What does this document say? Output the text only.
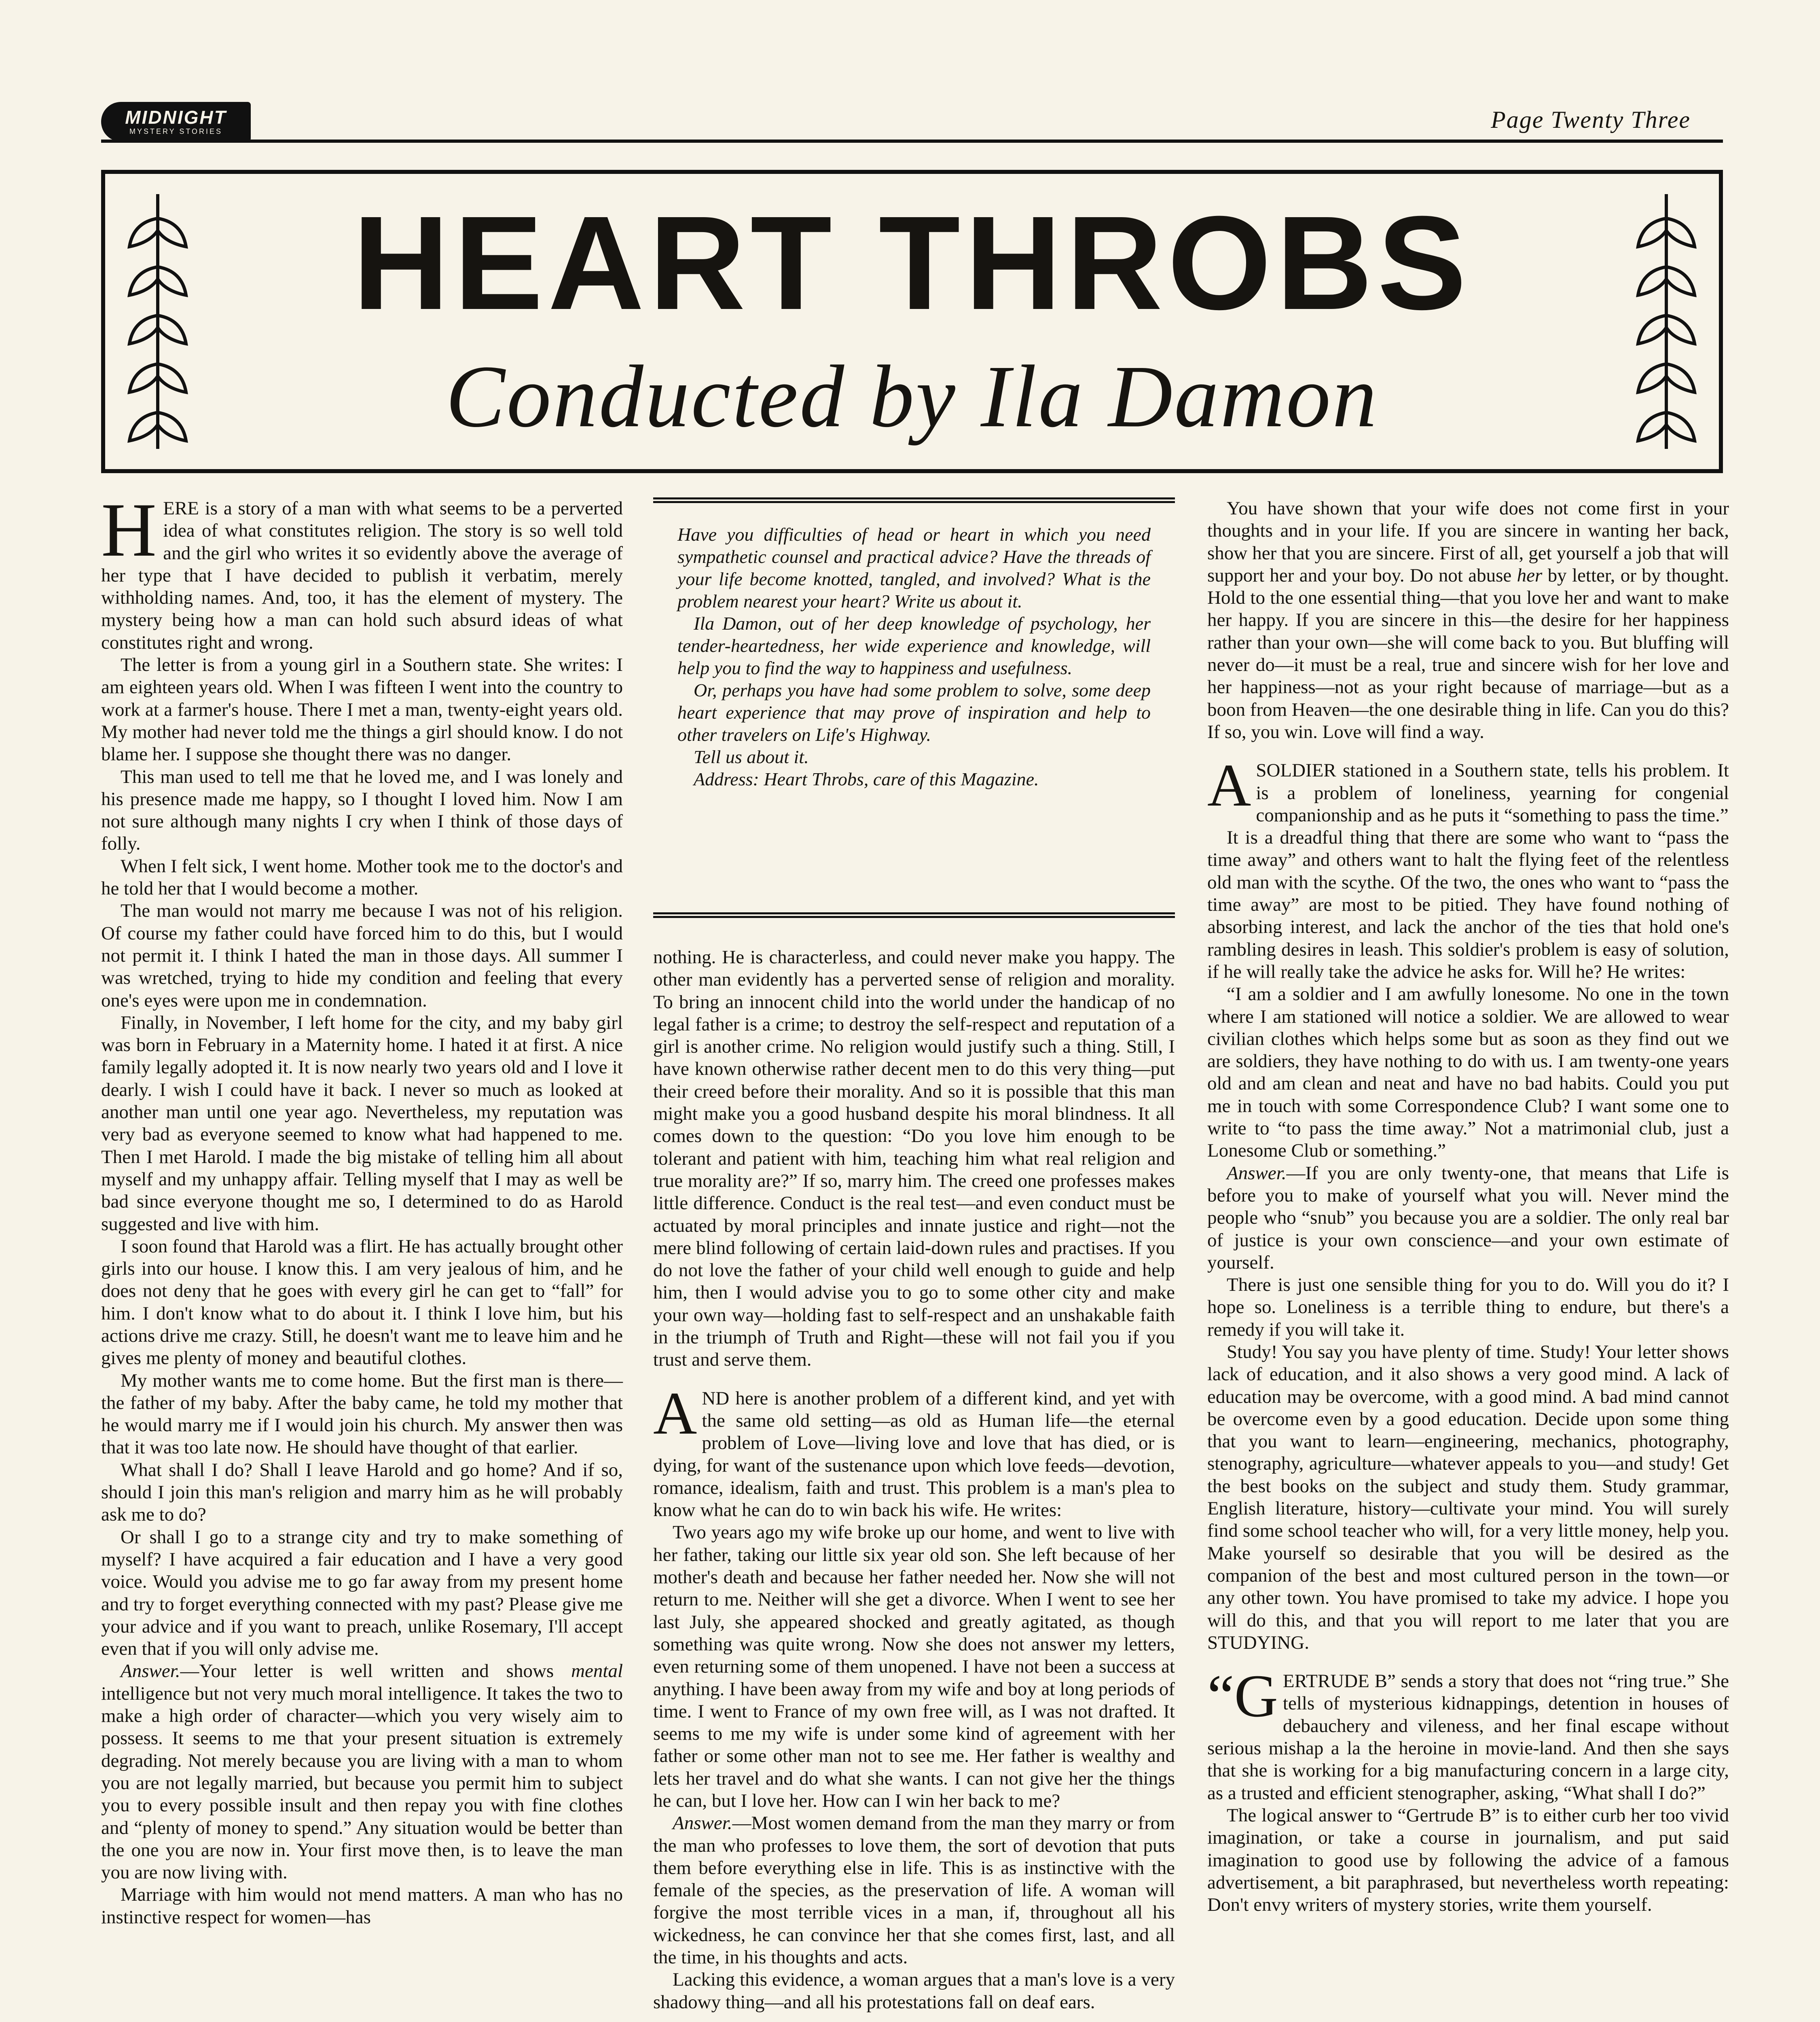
MIDNIGHT
MYSTERY STORIES	Page Twenty Three
HEART THROBS
Conducted by Ila Damon

HERE is a story of a man with what seems to be a perverted idea of what constitutes religion. The story is so well told and the girl who writes it so evidently above the average of her type that I have decided to publish it verbatim, merely withholding names. And, too, it has the element of mystery. The mystery being how a man can hold such absurd ideas of what constitutes right and wrong.

The letter is from a young girl in a Southern state. She writes: I am eighteen years old. When I was fifteen I went into the country to work at a farmer's house. There I met a man, twenty-eight years old. My mother had never told me the things a girl should know. I do not blame her. I suppose she thought there was no danger.

This man used to tell me that he loved me, and I was lonely and his presence made me happy, so I thought I loved him. Now I am not sure although many nights I cry when I think of those days of folly.

When I felt sick, I went home. Mother took me to the doctor's and he told her that I would become a mother.

The man would not marry me because I was not of his religion. Of course my father could have forced him to do this, but I would not permit it. I think I hated the man in those days. All summer I was wretched, trying to hide my condition and feeling that every one's eyes were upon me in condemnation.

Finally, in November, I left home for the city, and my baby girl was born in February in a Maternity home. I hated it at first. A nice family legally adopted it. It is now nearly two years old and I love it dearly. I wish I could have it back. I never so much as looked at another man until one year ago. Nevertheless, my reputation was very bad as everyone seemed to know what had happened to me. Then I met Harold. I made the big mistake of telling him all about myself and my unhappy affair. Telling myself that I may as well be bad since everyone thought me so, I determined to do as Harold suggested and live with him.

I soon found that Harold was a flirt. He has actually brought other girls into our house. I know this. I am very jealous of him, and he does not deny that he goes with every girl he can get to “fall” for him. I don't know what to do about it. I think I love him, but his actions drive me crazy. Still, he doesn't want me to leave him and he gives me plenty of money and beautiful clothes.

My mother wants me to come home. But the first man is there—the father of my baby. After the baby came, he told my mother that he would marry me if I would join his church. My answer then was that it was too late now. He should have thought of that earlier.

What shall I do? Shall I leave Harold and go home? And if so, should I join this man's religion and marry him as he will probably ask me to do?

Or shall I go to a strange city and try to make something of myself? I have acquired a fair education and I have a very good voice. Would you advise me to go far away from my present home and try to forget everything connected with my past? Please give me your advice and if you want to preach, unlike Rosemary, I'll accept even that if you will only advise me.

Answer.—Your letter is well written and shows mental intelligence but not very much moral intelligence. It takes the two to make a high order of character—which you very wisely aim to possess. It seems to me that your present situation is extremely degrading. Not merely because you are living with a man to whom you are not legally married, but because you permit him to subject you to every possible insult and then repay you with fine clothes and “plenty of money to spend.” Any situation would be better than the one you are now in. Your first move then, is to leave the man you are now living with.

Marriage with him would not mend matters. A man who has no instinctive respect for women—has

Have you difficulties of head or heart in which you need sympathetic counsel and practical advice? Have the threads of your life become knotted, tangled, and involved? What is the problem nearest your heart? Write us about it.

Ila Damon, out of her deep knowledge of psychology, her tender-heartedness, her wide experience and knowledge, will help you to find the way to happiness and usefulness.

Or, perhaps you have had some problem to solve, some deep heart experience that may prove of inspiration and help to other travelers on Life's Highway.

Tell us about it.

Address: Heart Throbs, care of this Magazine.

nothing. He is characterless, and could never make you happy. The other man evidently has a perverted sense of religion and morality. To bring an innocent child into the world under the handicap of no legal father is a crime; to destroy the self-respect and reputation of a girl is another crime. No religion would justify such a thing. Still, I have known otherwise rather decent men to do this very thing—put their creed before their morality. And so it is possible that this man might make you a good husband despite his moral blindness. It all comes down to the question: “Do you love him enough to be tolerant and patient with him, teaching him what real religion and true morality are?” If so, marry him. The creed one professes makes little difference. Conduct is the real test—and even conduct must be actuated by moral principles and innate justice and right—not the mere blind following of certain laid-down rules and practises. If you do not love the father of your child well enough to guide and help him, then I would advise you to go to some other city and make your own way—holding fast to self-respect and an unshakable faith in the triumph of Truth and Right—these will not fail you if you trust and serve them.

AND here is another problem of a different kind, and yet with the same old setting—as old as Human life—the eternal problem of Love—living love and love that has died, or is dying, for want of the sustenance upon which love feeds—devotion, romance, idealism, faith and trust. This problem is a man's plea to know what he can do to win back his wife. He writes:

Two years ago my wife broke up our home, and went to live with her father, taking our little six year old son. She left because of her mother's death and because her father needed her. Now she will not return to me. Neither will she get a divorce. When I went to see her last July, she appeared shocked and greatly agitated, as though something was quite wrong. Now she does not answer my letters, even returning some of them unopened. I have not been a success at anything. I have been away from my wife and boy at long periods of time. I went to France of my own free will, as I was not drafted. It seems to me my wife is under some kind of agreement with her father or some other man not to see me. Her father is wealthy and lets her travel and do what she wants. I can not give her the things he can, but I love her. How can I win her back to me?

Answer.—Most women demand from the man they marry or from the man who professes to love them, the sort of devotion that puts them before everything else in life. This is as instinctive with the female of the species, as the preservation of life. A woman will forgive the most terrible vices in a man, if, throughout all his wickedness, he can convince her that she comes first, last, and all the time, in his thoughts and acts.

Lacking this evidence, a woman argues that a man's love is a very shadowy thing—and all his protestations fall on deaf ears.

You have shown that your wife does not come first in your thoughts and in your life. If you are sincere in wanting her back, show her that you are sincere. First of all, get yourself a job that will support her and your boy. Do not abuse her by letter, or by thought. Hold to the one essential thing—that you love her and want to make her happy. If you are sincere in this—the desire for her happiness rather than your own—she will come back to you. But bluffing will never do—it must be a real, true and sincere wish for her love and her happiness—not as your right because of marriage—but as a boon from Heaven—the one desirable thing in life. Can you do this? If so, you win. Love will find a way.

ASOLDIER stationed in a Southern state, tells his problem. It is a problem of loneliness, yearning for congenial companionship and as he puts it “something to pass the time.”

It is a dreadful thing that there are some who want to “pass the time away” and others want to halt the flying feet of the relentless old man with the scythe. Of the two, the ones who want to “pass the time away” are most to be pitied. They have found nothing of absorbing interest, and lack the anchor of the ties that hold one's rambling desires in leash. This soldier's problem is easy of solution, if he will really take the advice he asks for. Will he? He writes:

“I am a soldier and I am awfully lonesome. No one in the town where I am stationed will notice a soldier. We are allowed to wear civilian clothes which helps some but as soon as they find out we are soldiers, they have nothing to do with us. I am twenty-one years old and am clean and neat and have no bad habits. Could you put me in touch with some Correspondence Club? I want some one to write to “to pass the time away.” Not a matrimonial club, just a Lonesome Club or something.”

Answer.—If you are only twenty-one, that means that Life is before you to make of yourself what you will. Never mind the people who “snub” you because you are a soldier. The only real bar of justice is your own conscience—and your own estimate of yourself.

There is just one sensible thing for you to do. Will you do it? I hope so. Loneliness is a terrible thing to endure, but there's a remedy if you will take it.

Study! You say you have plenty of time. Study! Your letter shows lack of education, and it also shows a very good mind. A lack of education may be overcome, with a good mind. A bad mind cannot be overcome even by a good education. Decide upon some thing that you want to learn—engineering, mechanics, photography, stenography, agriculture—whatever appeals to you—and study! Get the best books on the subject and study them. Study grammar, English literature, history—cultivate your mind. You will surely find some school teacher who will, for a very little money, help you. Make yourself so desirable that you will be desired as the companion of the best and most cultured person in the town—or any other town. You have promised to take my advice. I hope you will do this, and that you will report to me later that you are STUDYING.

“GERTRUDE B” sends a story that does not “ring true.” She tells of mysterious kidnappings, detention in houses of debauchery and vileness, and her final escape without serious mishap a la the heroine in movie-land. And then she says that she is working for a big manufacturing concern in a large city, as a trusted and efficient stenographer, asking, “What shall I do?”

The logical answer to “Gertrude B” is to either curb her too vivid imagination, or take a course in journalism, and put said imagination to good use by following the advice of a famous advertisement, a bit paraphrased, but nevertheless worth repeating: Don't envy writers of mystery stories, write them yourself.
